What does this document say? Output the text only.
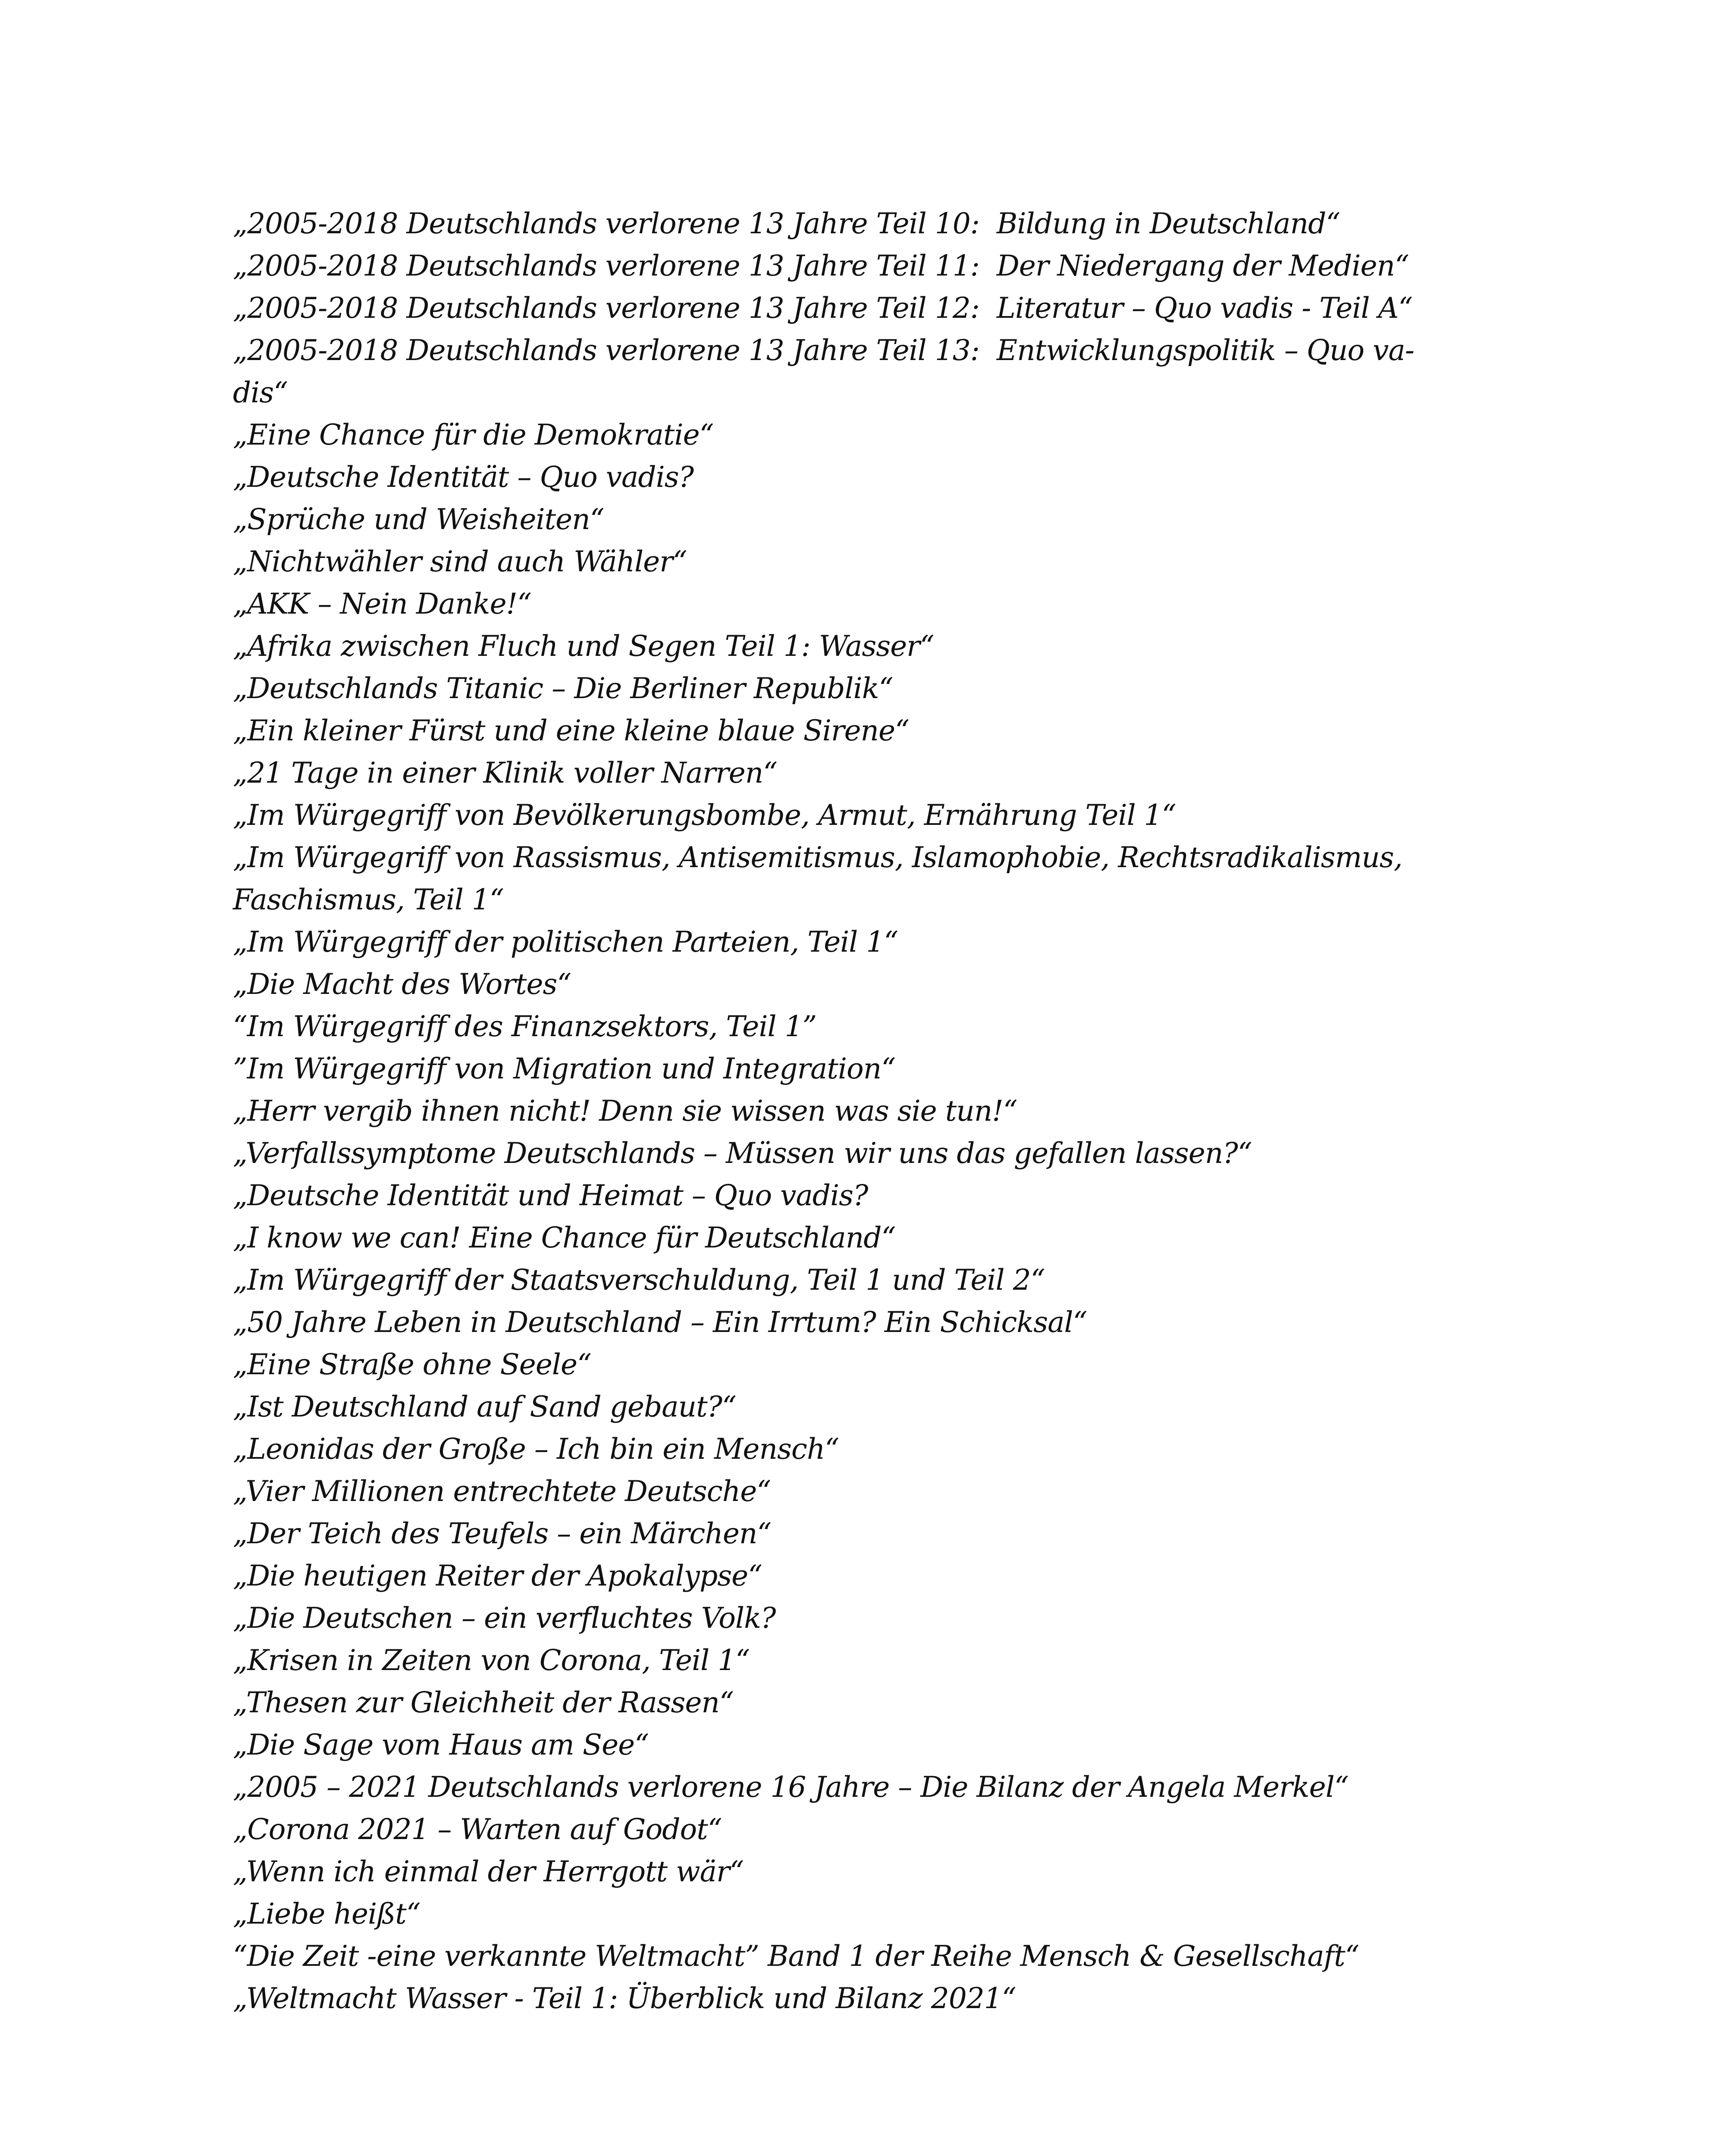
„2005-2018 Deutschlands verlorene 13 Jahre Teil 10:  Bildung in Deutschland“
„2005-2018 Deutschlands verlorene 13 Jahre Teil 11:  Der Niedergang der Medien“
„2005-2018 Deutschlands verlorene 13 Jahre Teil 12:  Literatur – Quo vadis - Teil A“
„2005-2018 Deutschlands verlorene 13 Jahre Teil 13:  Entwicklungspolitik – Quo va-
dis“
„Eine Chance für die Demokratie“
„Deutsche Identität – Quo vadis?
„Sprüche und Weisheiten“
„Nichtwähler sind auch Wähler“
„AKK – Nein Danke!“
„Afrika zwischen Fluch und Segen Teil 1: Wasser“
„Deutschlands Titanic – Die Berliner Republik“
„Ein kleiner Fürst und eine kleine blaue Sirene“
„21 Tage in einer Klinik voller Narren“
„Im Würgegriff von Bevölkerungsbombe, Armut, Ernährung Teil 1“
„Im Würgegriff von Rassismus, Antisemitismus, Islamophobie, Rechtsradikalismus,
Faschismus, Teil 1“
„Im Würgegriff der politischen Parteien, Teil 1“
„Die Macht des Wortes“
“Im Würgegriff des Finanzsektors, Teil 1”
”Im Würgegriff von Migration und Integration“
„Herr vergib ihnen nicht! Denn sie wissen was sie tun!“
„Verfallssymptome Deutschlands – Müssen wir uns das gefallen lassen?“
„Deutsche Identität und Heimat – Quo vadis?
„I know we can! Eine Chance für Deutschland“
„Im Würgegriff der Staatsverschuldung, Teil 1 und Teil 2“
„50 Jahre Leben in Deutschland – Ein Irrtum? Ein Schicksal“
„Eine Straße ohne Seele“
„Ist Deutschland auf Sand gebaut?“
„Leonidas der Große – Ich bin ein Mensch“
„Vier Millionen entrechtete Deutsche“
„Der Teich des Teufels – ein Märchen“
„Die heutigen Reiter der Apokalypse“
„Die Deutschen – ein verfluchtes Volk?
„Krisen in Zeiten von Corona, Teil 1“
„Thesen zur Gleichheit der Rassen“
„Die Sage vom Haus am See“
„2005 – 2021 Deutschlands verlorene 16 Jahre – Die Bilanz der Angela Merkel“
„Corona 2021 – Warten auf Godot“
„Wenn ich einmal der Herrgott wär“
„Liebe heißt“
“Die Zeit -eine verkannte Weltmacht” Band 1 der Reihe Mensch & Gesellschaft“
„Weltmacht Wasser - Teil 1: Überblick und Bilanz 2021“
